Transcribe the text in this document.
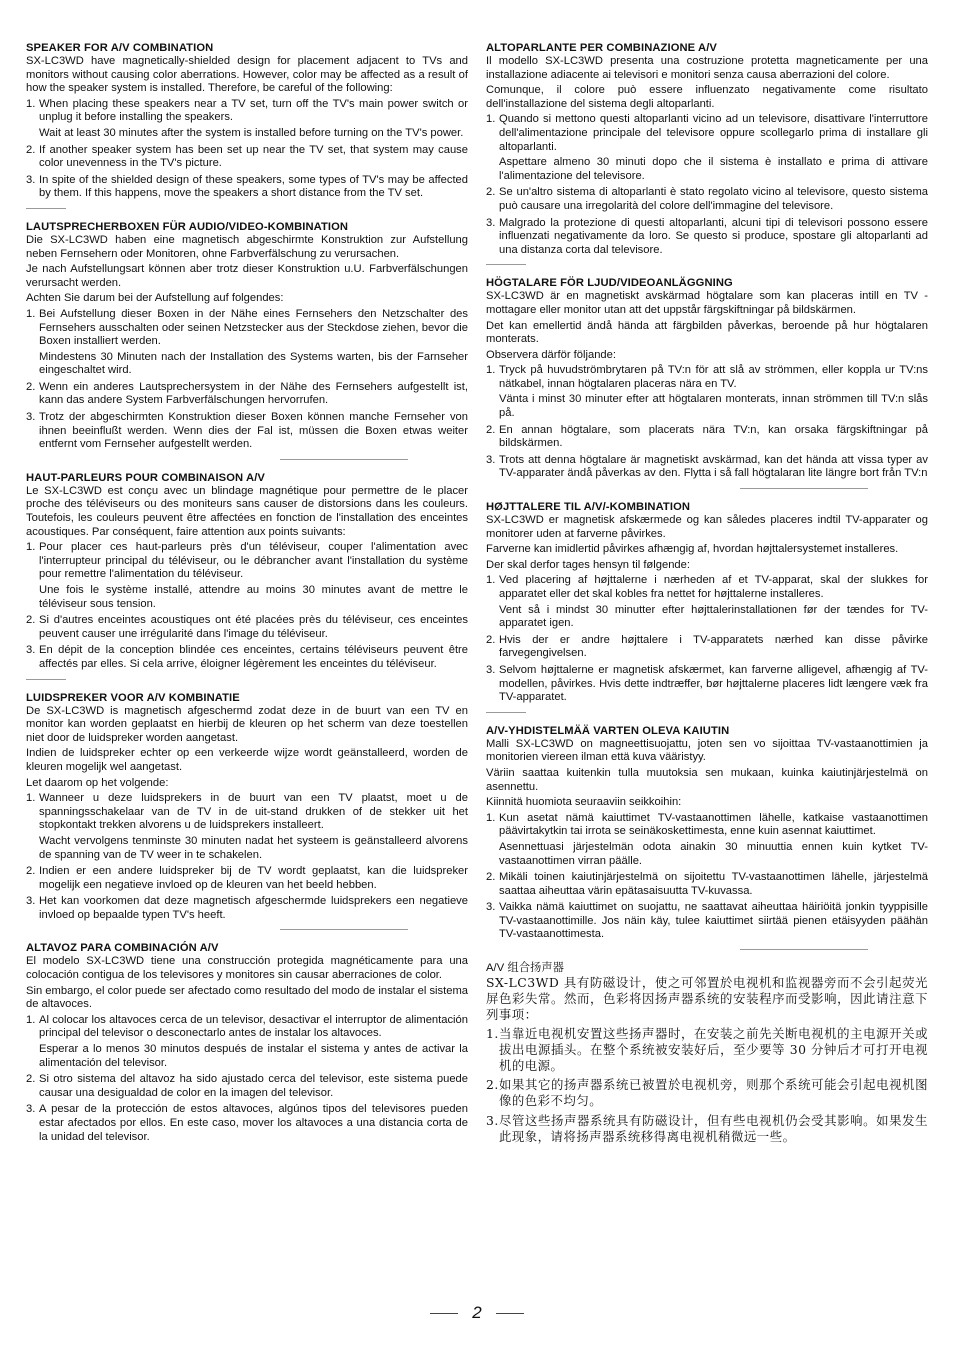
SPEAKER FOR A/V COMBINATION

SX-LC3WD have magnetically-shielded design for placement adjacent to TVs and monitors without causing color aberrations. However, color may be affected as a result of how the speaker system is installed. Therefore, be careful of the following:

1. When placing these speakers near a TV set, turn off the TV's main power switch or unplug it before installing the speakers.

Wait at least 30 minutes after the system is installed before turning on the TV's power.

2. If another speaker system has been set up near the TV set, that system may cause color unevenness in the TV's picture.

3. In spite of the shielded design of these speakers, some types of TV's may be affected by them. If this happens, move the speakers a short distance from the TV set.

LAUTSPRECHERBOXEN FÜR AUDIO/VIDEO-KOMBINATION

Die SX-LC3WD haben eine magnetisch abgeschirmte Konstruktion zur Aufstellung neben Fernsehern oder Monitoren, ohne Farbverfälschung zu verursachen.

Je nach Aufstellungsart können aber trotz dieser Konstruktion u.U. Farbverfälschungen verursacht werden.

Achten Sie darum bei der Aufstellung auf folgendes:

1. Bei Aufstellung dieser Boxen in der Nähe eines Fernsehers den Netzschalter des Fernsehers ausschalten oder seinen Netzstecker aus der Steckdose ziehen, bevor die Boxen installiert werden.

Mindestens 30 Minuten nach der Installation des Systems warten, bis der Farnseher eingeschaltet wird.

2. Wenn ein anderes Lautsprechersystem in der Nähe des Fernsehers aufgestellt ist, kann das andere System Farbverfälschungen hervorrufen.

3. Trotz der abgeschirmten Konstruktion dieser Boxen können manche Fernseher von ihnen beeinflußt werden. Wenn dies der Fal ist, müssen die Boxen etwas weiter entfernt vom Fernseher aufgestellt werden.

HAUT-PARLEURS POUR COMBINAISON A/V

Le SX-LC3WD est conçu avec un blindage magnétique pour permettre de le placer proche des téléviseurs ou des moniteurs sans causer de distorsions dans les couleurs. Toutefois, les couleurs peuvent être affectées en fonction de l'installation des enceintes acoustiques. Par conséquent, faire attention aux points suivants:

1. Pour placer ces haut-parleurs près d'un téléviseur, couper l'alimentation avec l'interrupteur principal du téléviseur, ou le débrancher avant l'installation du système pour remettre l'alimentation du téléviseur.

Une fois le système installé, attendre au moins 30 minutes avant de mettre le téléviseur sous tension.

2. Si d'autres enceintes acoustiques ont été placées près du téléviseur, ces enceintes peuvent causer une irrégularité dans l'image du téléviseur.

3. En dépit de la conception blindée ces enceintes, certains téléviseurs peuvent être affectés par elles. Si cela arrive, éloigner légèrement les enceintes du téléviseur.

LUIDSPREKER VOOR A/V KOMBINATIE

De SX-LC3WD is magnetisch afgeschermd zodat deze in de buurt van een TV en monitor kan worden geplaatst en hierbij de kleuren op het scherm van deze toestellen niet door de luidspreker worden aangetast.

Indien de luidspreker echter op een verkeerde wijze wordt geänstalleerd, worden de kleuren mogelijk wel aangetast.

Let daarom op het volgende:

1. Wanneer u deze luidsprekers in de buurt van een TV plaatst, moet u de spanningsschakelaar van de TV in de uit-stand drukken of de stekker uit het stopkontakt trekken alvorens u de luidsprekers installeert.

Wacht vervolgens tenminste 30 minuten nadat het systeem is geänstalleerd alvorens de spanning van de TV weer in te schakelen.

2. Indien er een andere luidspreker bij de TV wordt geplaatst, kan die luidspreker mogelijk een negatieve invloed op de kleuren van het beeld hebben.

3. Het kan voorkomen dat deze magnetisch afgeschermde luidsprekers een negatieve invloed op bepaalde typen TV's heeft.

ALTAVOZ PARA COMBINACIÓN A/V

El modelo SX-LC3WD tiene una construcción protegida magnéticamente para una colocación contigua de los televisores y monitores sin causar aberraciones de color.

Sin embargo, el color puede ser afectado como resultado del modo de instalar el sistema de altavoces.

1. Al colocar los altavoces cerca de un televisor, desactivar el interruptor de alimentación principal del televisor o desconectarlo antes de instalar los altavoces.

Esperar a lo menos 30 minutos después de instalar el sistema y antes de activar la alimentación del televisor.

2. Si otro sistema del altavoz ha sido ajustado cerca del televisor, este sistema puede causar una desigualdad de color en la imagen del televisor.

3. A pesar de la protección de estos altavoces, algúnos tipos del televisores pueden estar afectados por ellos. En este caso, mover los altavoces a una distancia corta de la unidad del televisor.

ALTOPARLANTE PER COMBINAZIONE A/V

Il modello SX-LC3WD presenta una costruzione protetta magneticamente per una installazione adiacente ai televisori e monitori senza causa aberrazioni del colore.

Comunque, il colore può essere influenzato negativamente come risultato dell'installazione del sistema degli altoparlanti.

1. Quando si mettono questi altoparlanti vicino ad un televisore, disattivare l'interruttore dell'alimentazione principale del televisore oppure scollegarlo prima di installare gli altoparlanti.

Aspettare almeno 30 minuti dopo che il sistema è installato e prima di attivare l'alimentazione del televisore.

2. Se un'altro sistema di altoparlanti è stato regolato vicino al televisore, questo sistema può causare una irregolarità del colore dell'immagine del televisore.

3. Malgrado la protezione di questi altoparlanti, alcuni tipi di televisori possono essere influenzati negativamente da loro. Se questo si produce, spostare gli altoparlanti ad una distanza corta dal televisore.

HÖGTALARE FÖR LJUD/VIDEOANLÄGGNING

SX-LC3WD är en magnetiskt avskärmad högtalare som kan placeras intill en TV -mottagare eller monitor utan att det uppstår färgskiftningar på bildskärmen.

Det kan emellertid ändå hända att färgbilden påverkas, beroende på hur högtalaren monterats.

Observera därför följande:

1. Tryck på huvudströmbrytaren på TV:n för att slå av strömmen, eller koppla ur TV:ns nätkabel, innan högtalaren placeras nära en TV.

Vänta i minst 30 minuter efter att högtalaren monterats, innan strömmen till TV:n slås på.

2. En annan högtalare, som placerats nära TV:n, kan orsaka färgskiftningar på bildskärmen.

3. Trots att denna högtalare är magnetiskt avskärmad, kan det hända att vissa typer av TV-apparater ändå påverkas av den. Flytta i så fall högtalaran lite längre bort från TV:n

HØJTTALERE TIL A/V/-KOMBINATION

SX-LC3WD er magnetisk afskærmede og kan således placeres indtil TV-apparater og monitorer uden at farverne påvirkes.

Farverne kan imidlertid påvirkes afhængig af, hvordan højttalersystemet installeres.

Der skal derfor tages hensyn til følgende:

1. Ved placering af højttalerne i nærheden af et TV-apparat, skal der slukkes for apparatet eller det skal kobles fra nettet for højttalerne installeres.

Vent så i mindst 30 minutter efter højttalerinstallationen før der tændes for TV-apparatet igen.

2. Hvis der er andre højttalere i TV-apparatets nærhed kan disse påvirke farvegengivelsen.

3. Selvom højttalerne er magnetisk afskærmet, kan farverne alligevel, afhængig af TV-modellen, påvirkes. Hvis dette indtræffer, bør højttalerne placeres lidt længere væk fra TV-apparatet.

A/V-YHDISTELMÄÄ VARTEN OLEVA KAIUTIN

Malli SX-LC3WD on magneettisuojattu, joten sen vo sijoittaa TV-vastaanottimien ja monitorien viereen ilman että kuva vääristyy.

Väriin saattaa kuitenkin tulla muutoksia sen mukaan, kuinka kaiutinjärjestelmä on asennettu.

Kiinnitä huomiota seuraaviin seikkoihin:

1. Kun asetat nämä kaiuttimet TV-vastaanottimen lähelle, katkaise vastaanottimen päävirtakytkin tai irrota se seinäkoskettimesta, enne kuin asennat kaiuttimet.

Asennettuasi järjestelmän odota ainakin 30 minuuttia ennen kuin kytket TV- vastaanottimen virran päälle.

2. Mikäli toinen kaiutinjärjestelmä on sijoitettu TV-vastaanottimen lähelle, järjestelmä saattaa aiheuttaa värin epätasaisuutta TV-kuvassa.

3. Vaikka nämä kaiuttimet on suojattu, ne saattavat aiheuttaa häiriöitä jonkin tyyppisille TV-vastaanottimille. Jos näin käy, tulee kaiuttimet siirtää pienen etäisyyden päähän TV-vastaanottimesta.

A/V 组合扬声器

SX-LC3WD 具有防磁设计，使之可邻置於电视机和监视器旁而不会引起荧光屏色彩失常。然而，色彩将因扬声器系统的安装程序而受影响，因此请注意下列事项：

1. 当靠近电视机安置这些扬声器时，在安装之前先关断电视机的主电源开关或拔出电源插头。在整个系统被安装好后，至少要等 30 分钟后才可打开电视机的电源。

2. 如果其它的扬声器系统已被置於电视机旁，则那个系统可能会引起电视机图像的色彩不均匀。

3. 尽管这些扬声器系统具有防磁设计，但有些电视机仍会受其影响。如果发生此现象，请将扬声器系统移得离电视机稍微远一些。

2
